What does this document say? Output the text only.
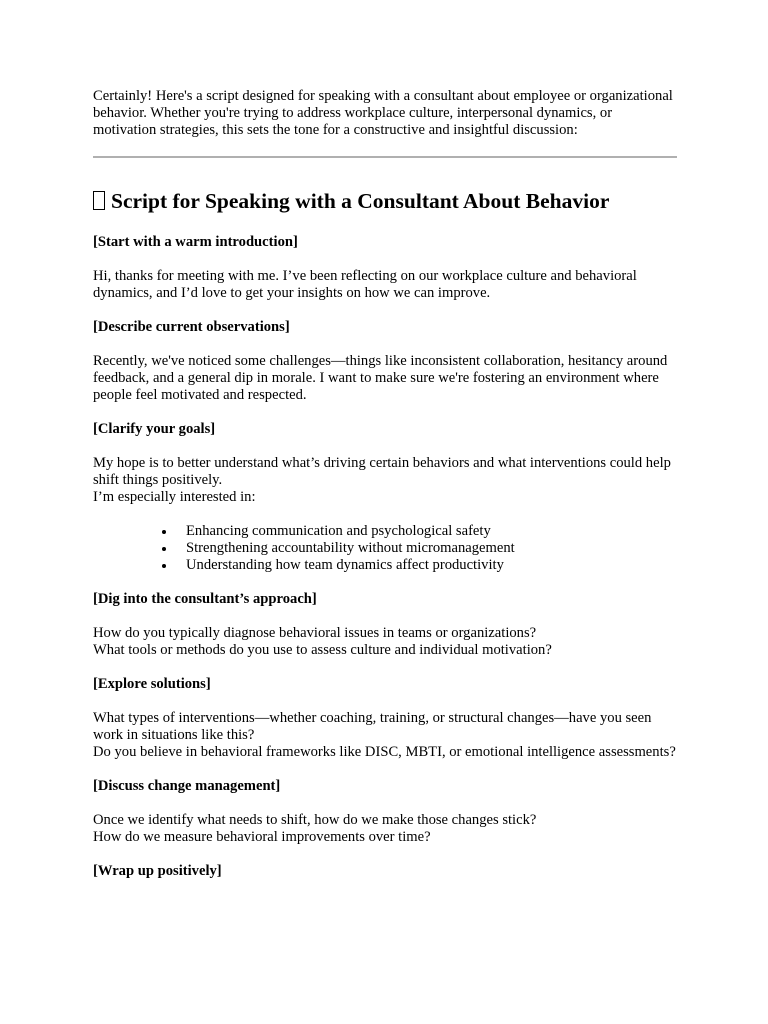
Certainly! Here's a script designed for speaking with a consultant about employee or organizational behavior. Whether you're trying to address workplace culture, interpersonal dynamics, or motivation strategies, this sets the tone for a constructive and insightful discussion:

Script for Speaking with a Consultant About Behavior

[Start with a warm introduction]

Hi, thanks for meeting with me. I’ve been reflecting on our workplace culture and behavioral dynamics, and I’d love to get your insights on how we can improve.

[Describe current observations]

Recently, we've noticed some challenges—things like inconsistent collaboration, hesitancy around feedback, and a general dip in morale. I want to make sure we're fostering an environment where people feel motivated and respected.

[Clarify your goals]

My hope is to better understand what’s driving certain behaviors and what interventions could help shift things positively.

I’m especially interested in:

Enhancing communication and psychological safety
Strengthening accountability without micromanagement
Understanding how team dynamics affect productivity

[Dig into the consultant’s approach]

How do you typically diagnose behavioral issues in teams or organizations?

What tools or methods do you use to assess culture and individual motivation?

[Explore solutions]

What types of interventions—whether coaching, training, or structural changes—have you seen work in situations like this?

Do you believe in behavioral frameworks like DISC, MBTI, or emotional intelligence assessments?

[Discuss change management]

Once we identify what needs to shift, how do we make those changes stick?

How do we measure behavioral improvements over time?

[Wrap up positively]
